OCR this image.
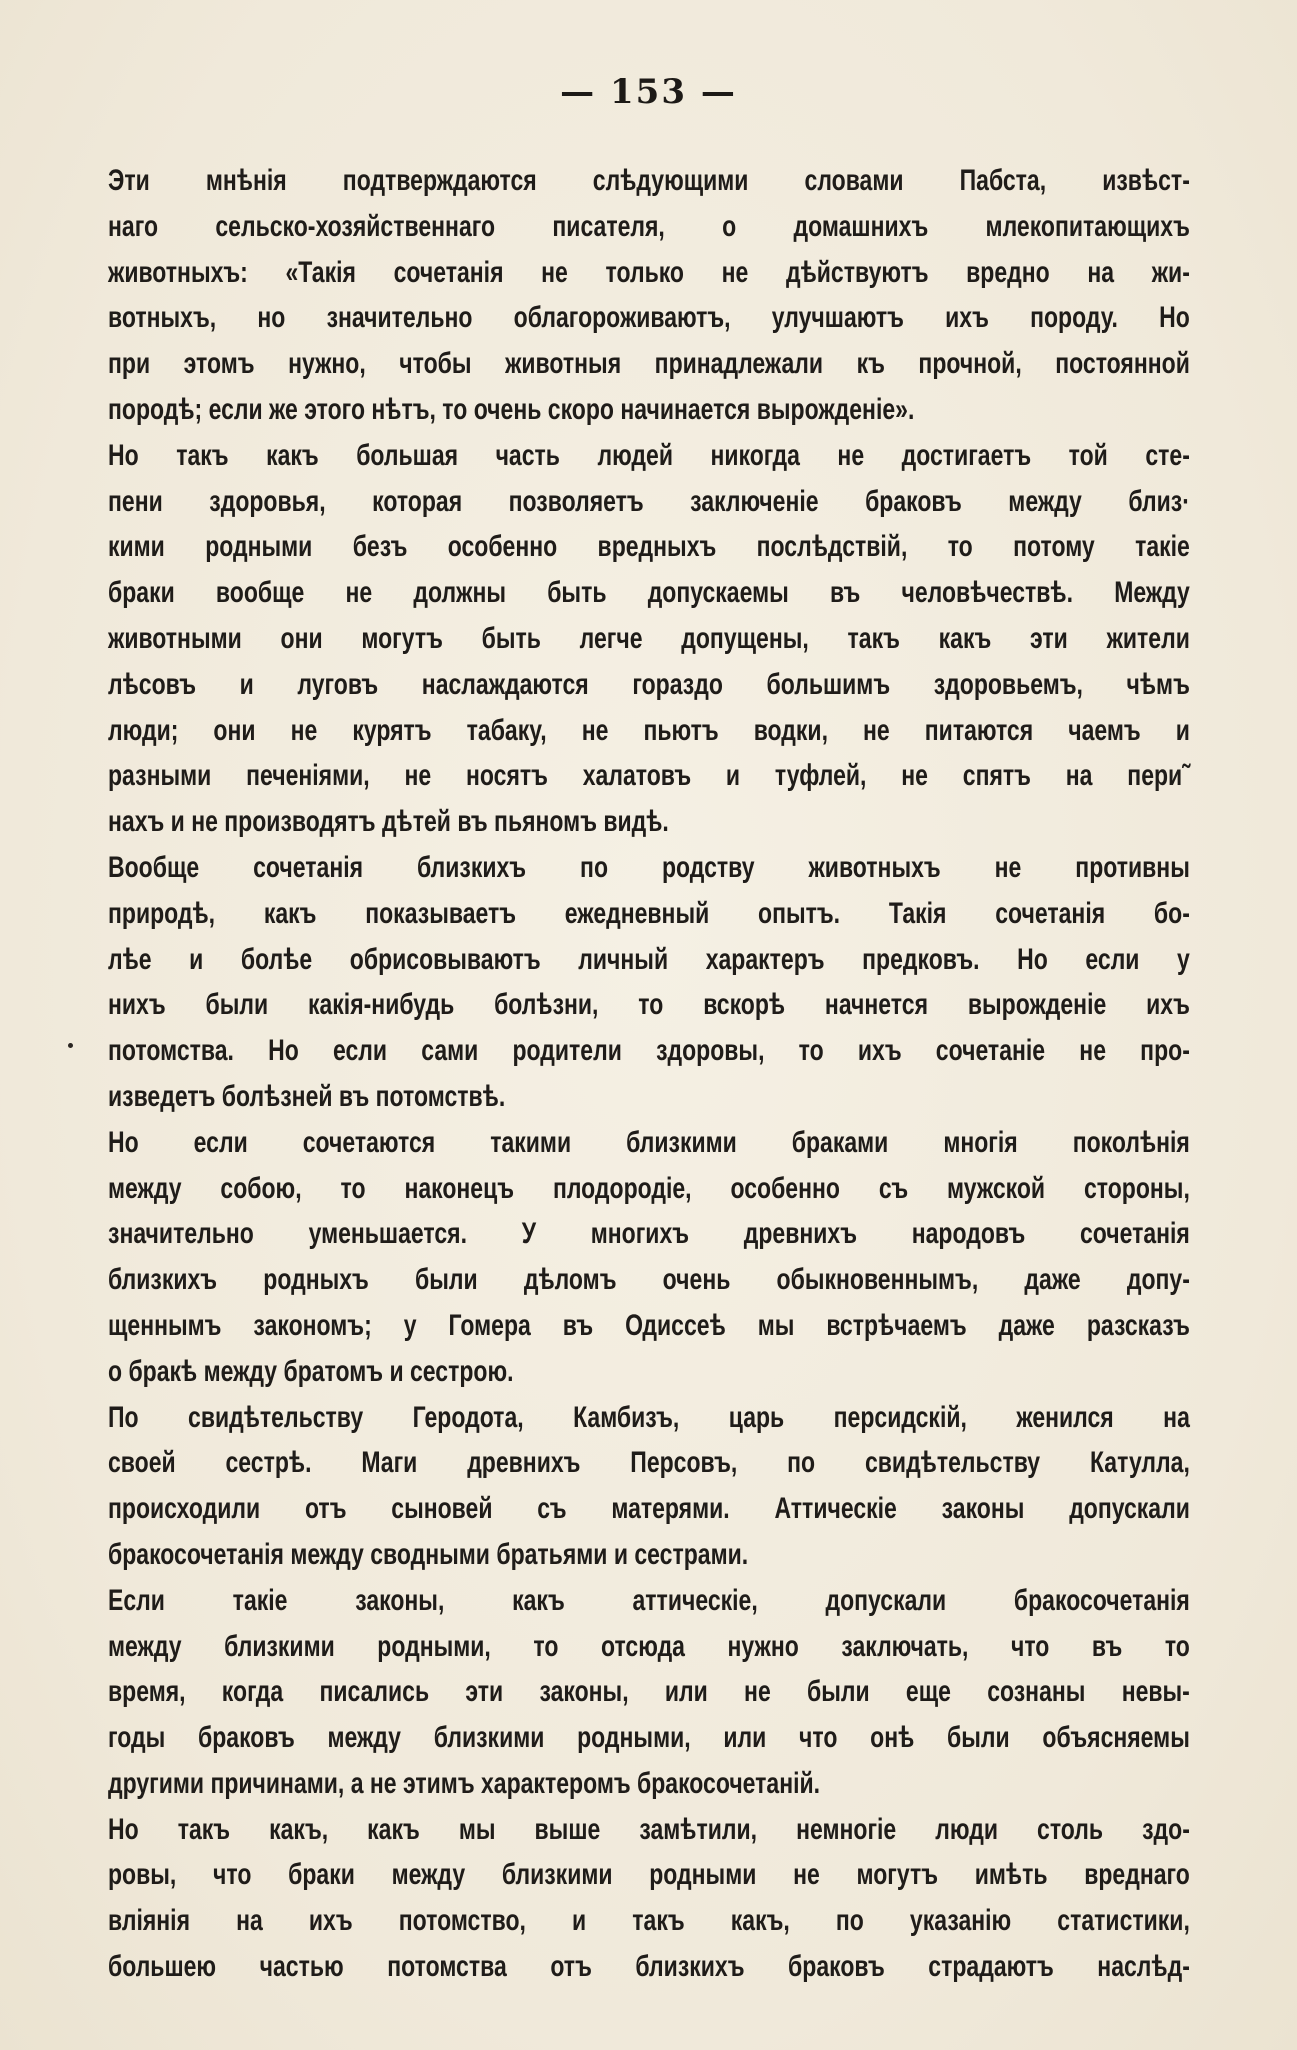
— 153 —
Эти мнѣнія подтверждаются слѣдующими словами Пабста, извѣст-
наго сельско-хозяйственнаго писателя, о домашнихъ млекопитающихъ
животныхъ: «Такія сочетанія не только не дѣйствуютъ вредно на жи-
вотныхъ, но значительно облагороживаютъ, улучшаютъ ихъ породу. Но
при этомъ нужно, чтобы животныя принадлежали къ прочной, постоянной
породѣ; если же этого нѣтъ, то очень скоро начинается вырожденіе».
Но такъ какъ большая часть людей никогда не достигаетъ той сте-
пени здоровья, которая позволяетъ заключеніе браковъ между близ·
кими родными безъ особенно вредныхъ послѣдствій, то потому такіе
браки вообще не должны быть допускаемы въ человѣчествѣ. Между
животными они могутъ быть легче допущены, такъ какъ эти жители
лѣсовъ и луговъ наслаждаются гораздо большимъ здоровьемъ, чѣмъ
люди; они не курятъ табаку, не пьютъ водки, не питаются чаемъ и
разными печеніями, не носятъ халатовъ и туфлей, не спятъ на пери˜
нахъ и не производятъ дѣтей въ пьяномъ видѣ.
Вообще сочетанія близкихъ по родству животныхъ не противны
природѣ, какъ показываетъ ежедневный опытъ. Такія сочетанія бо-
лѣе и болѣе обрисовываютъ личный характеръ предковъ. Но если у
нихъ были какія-нибудь болѣзни, то вскорѣ начнется вырожденіе ихъ
потомства. Но если сами родители здоровы, то ихъ сочетаніе не про-
изведетъ болѣзней въ потомствѣ.
Но если сочетаются такими близкими браками многія поколѣнія
между собою, то наконецъ плодородіе, особенно съ мужской стороны,
значительно уменьшается. У многихъ древнихъ народовъ сочетанія
близкихъ родныхъ были дѣломъ очень обыкновеннымъ, даже допу-
щеннымъ закономъ; у Гомера въ Одиссеѣ мы встрѣчаемъ даже разсказъ
о бракѣ между братомъ и сестрою.
По свидѣтельству Геродота, Камбизъ, царь персидскій, женился на
своей сестрѣ. Маги древнихъ Персовъ, по свидѣтельству Катулла,
происходили отъ сыновей съ матерями. Аттическіе законы допускали
бракосочетанія между сводными братьями и сестрами.
Если такіе законы, какъ аттическіе, допускали бракосочетанія
между близкими родными, то отсюда нужно заключать, что въ то
время, когда писались эти законы, или не были еще сознаны невы-
годы браковъ между близкими родными, или что онѣ были объясняемы
другими причинами, а не этимъ характеромъ бракосочетаній.
Но такъ какъ, какъ мы выше замѣтили, немногіе люди столь здо-
ровы, что браки между близкими родными не могутъ имѣть вреднаго
вліянія на ихъ потомство, и такъ какъ, по указанію статистики,
большею частью потомства отъ близкихъ браковъ страдаютъ наслѣд-
